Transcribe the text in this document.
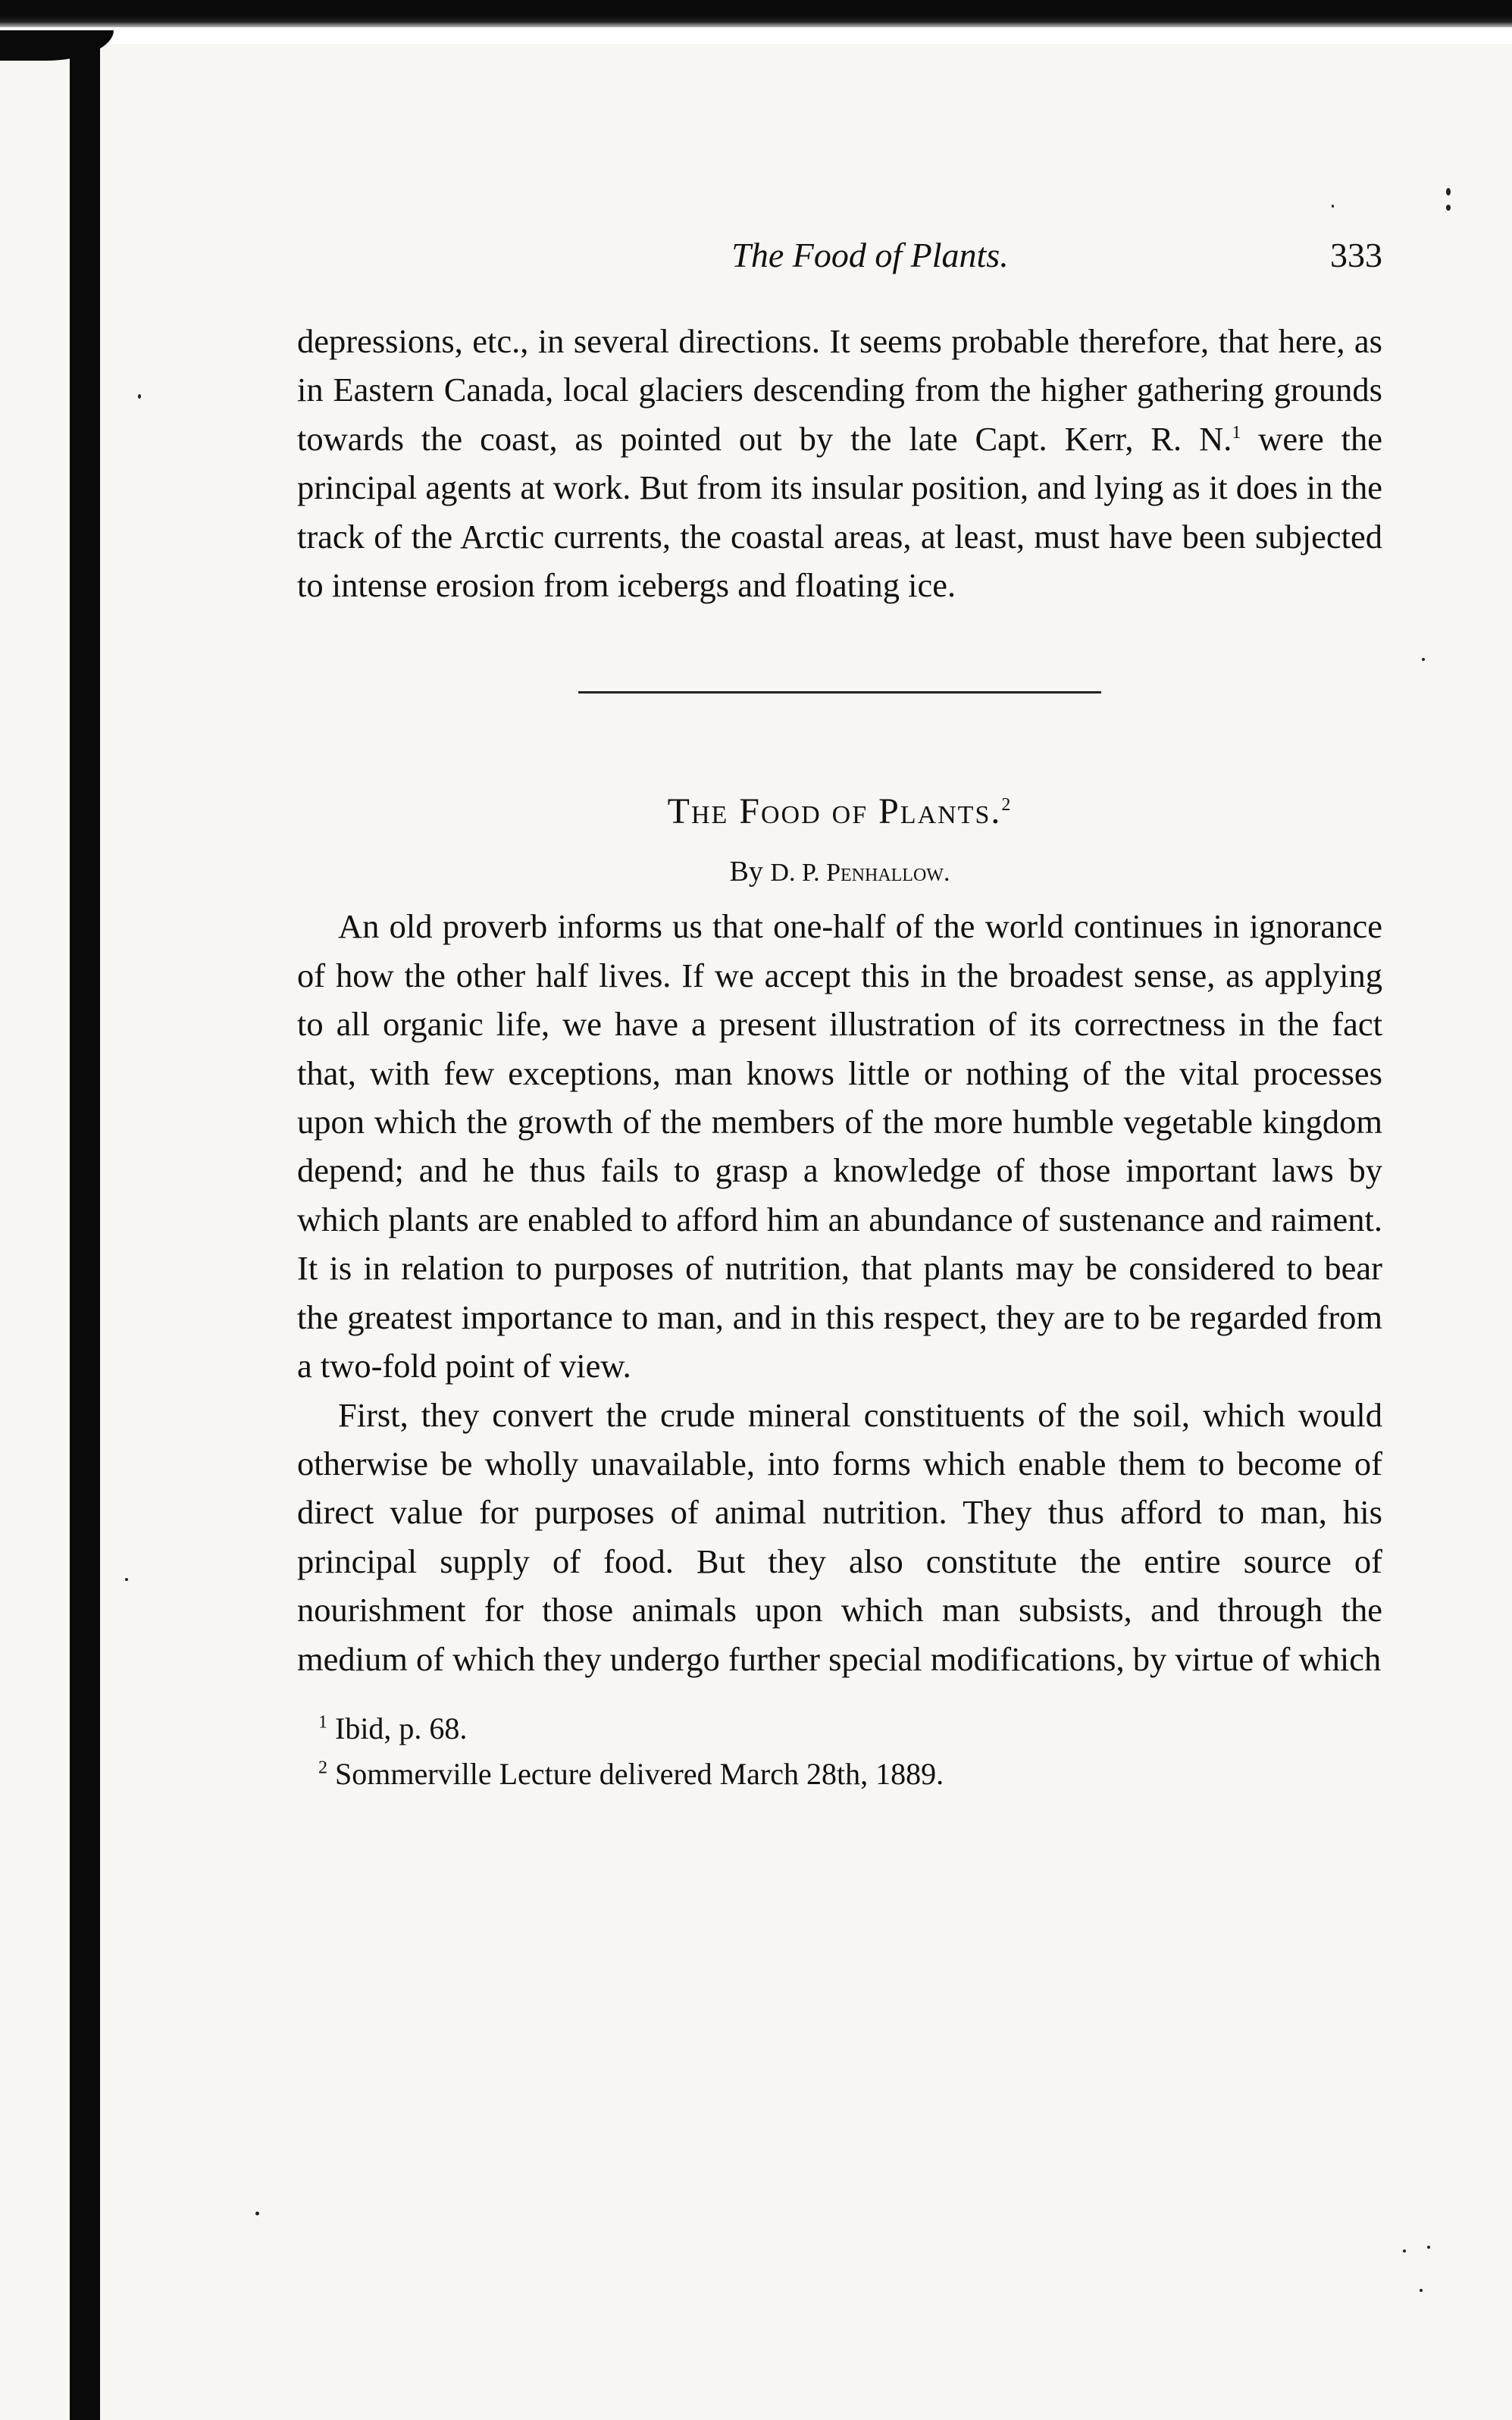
The Food of Plants.	333

depressions, etc., in several directions. It seems probable therefore, that here, as in Eastern Canada, local glaciers descending from the higher gathering grounds towards the coast, as pointed out by the late Capt. Kerr, R. N.$^1$ were the principal agents at work. But from its insular position, and lying as it does in the track of the Arctic currents, the coastal areas, at least, must have been subjected to intense erosion from icebergs and floating ice.

The Food of Plants.$^2$
By D. P. Penhallow.

An old proverb informs us that one-half of the world continues in ignorance of how the other half lives. If we accept this in the broadest sense, as applying to all organic life, we have a present illustration of its correctness in the fact that, with few exceptions, man knows little or nothing of the vital processes upon which the growth of the members of the more humble vegetable kingdom depend; and he thus fails to grasp a knowledge of those important laws by which plants are enabled to afford him an abundance of sustenance and raiment. It is in relation to purposes of nutrition, that plants may be considered to bear the greatest importance to man, and in this respect, they are to be regarded from a two-fold point of view.

First, they convert the crude mineral constituents of the soil, which would otherwise be wholly unavailable, into forms which enable them to become of direct value for purposes of animal nutrition. They thus afford to man, his principal supply of food. But they also constitute the entire source of nourishment for those animals upon which man subsists, and through the medium of which they undergo further special modifications, by virtue of which

$^1$ Ibid, p. 68.
$^2$ Sommerville Lecture delivered March 28th, 1889.
